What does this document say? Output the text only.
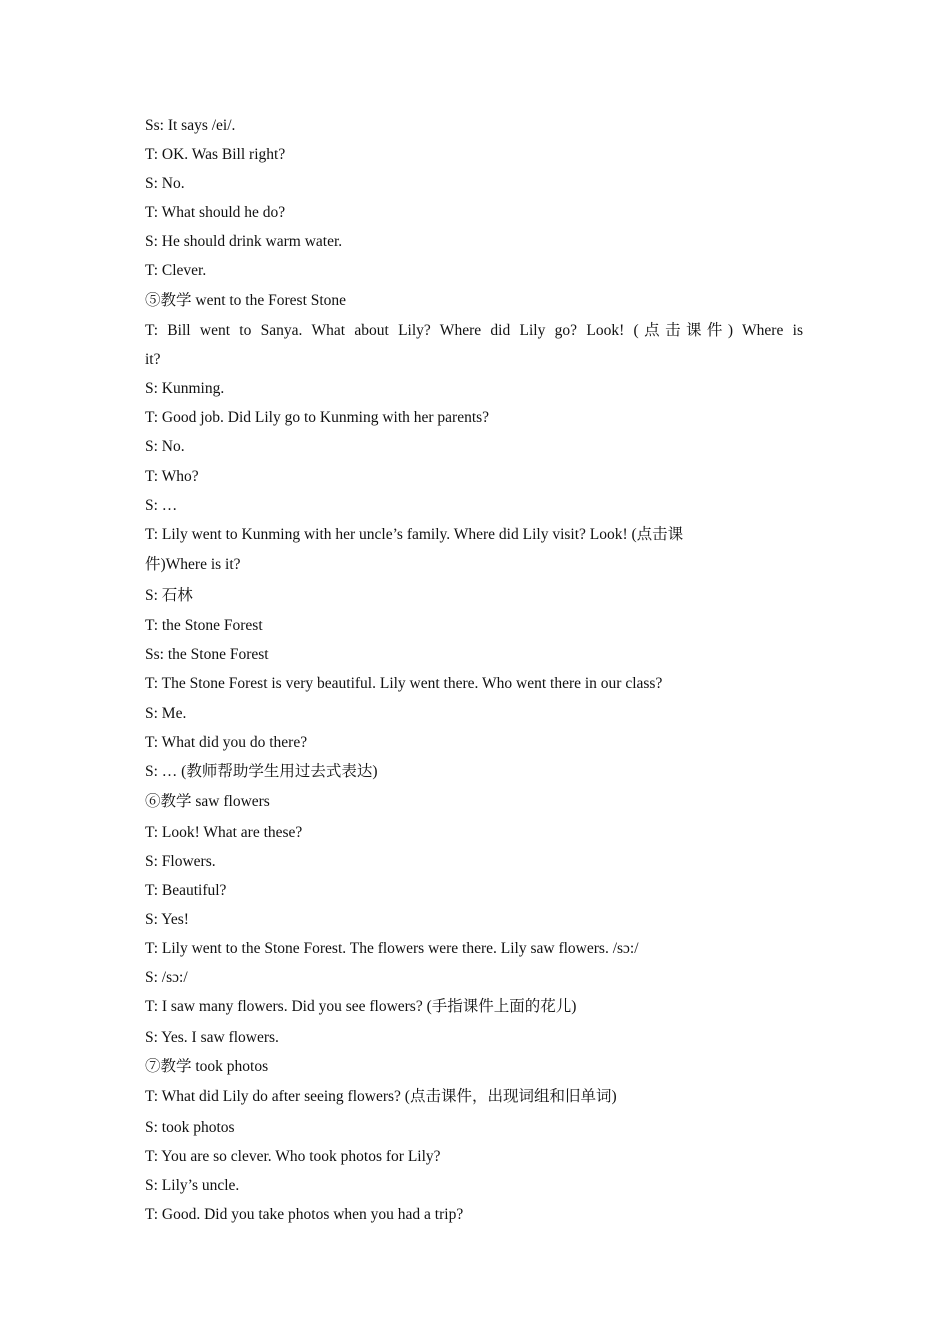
Ss: It says /ei/.
T: OK. Was Bill right?
S: No.
T: What should he do?
S: He should drink warm water.
T: Clever.
⑤教学 went to the Forest Stone
T: Bill went to Sanya. What about Lily? Where did Lily go? Look! (点击课件) Where is
it?
S: Kunming.
T: Good job. Did Lily go to Kunming with her parents?
S: No.
T: Who?
S: …
T: Lily went to Kunming with her uncle’s family. Where did Lily visit? Look! (点击课
件)Where is it?
S: 石林
T: the Stone Forest
Ss: the Stone Forest
T: The Stone Forest is very beautiful. Lily went there. Who went there in our class?
S: Me.
T: What did you do there?
S: … (教师帮助学生用过去式表达)
⑥教学 saw flowers
T: Look! What are these?
S: Flowers.
T: Beautiful?
S: Yes!
T: Lily went to the Stone Forest. The flowers were there. Lily saw flowers. /sɔ:/
S: /sɔ:/
T: I saw many flowers. Did you see flowers? (手指课件上面的花儿)
S: Yes. I saw flowers.
⑦教学 took photos
T: What did Lily do after seeing flowers? (点击课件，出现词组和旧单词)
S: took photos
T: You are so clever. Who took photos for Lily?
S: Lily’s uncle.
T: Good. Did you take photos when you had a trip?
